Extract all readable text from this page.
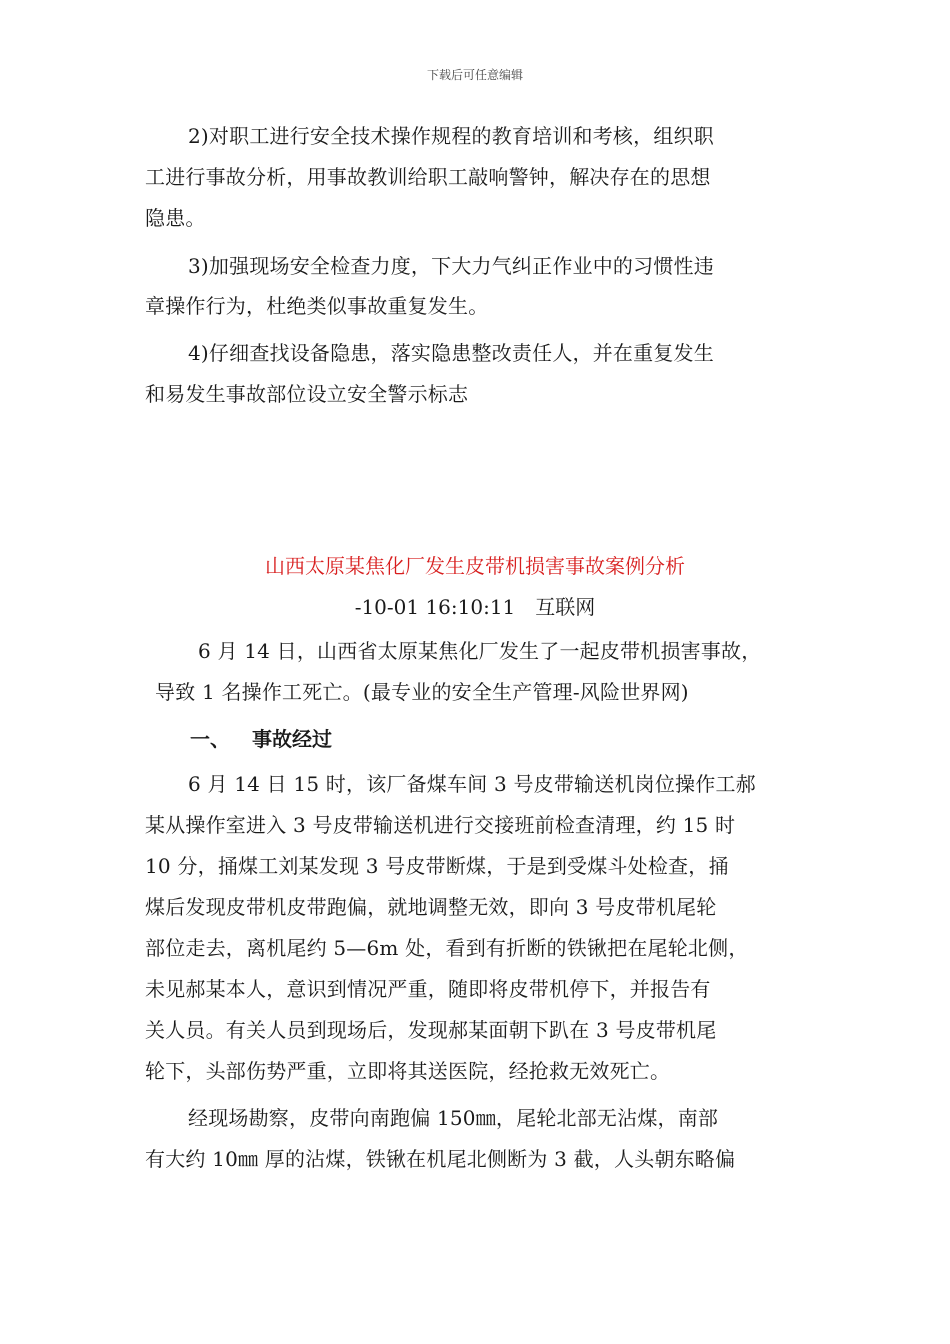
下载后可任意编辑
2)对职工进行安全技术操作规程的教育培训和考核，组织职
工进行事故分析，用事故教训给职工敲响警钟，解决存在的思想
隐患。
3)加强现场安全检查力度，下大力气纠正作业中的习惯性违
章操作行为，杜绝类似事故重复发生。
4)仔细查找设备隐患，落实隐患整改责任人，并在重复发生
和易发生事故部位设立安全警示标志
山西太原某焦化厂发生皮带机损害事故案例分析
-10-01 16:10:11　互联网
6 月 14 日，山西省太原某焦化厂发生了一起皮带机损害事故，
导致 1 名操作工死亡。(最专业的安全生产管理-风险世界网)
一、 事故经过
6 月 14 日 15 时，该厂备煤车间 3 号皮带输送机岗位操作工郝
某从操作室进入 3 号皮带输送机进行交接班前检查清理，约 15 时
10 分，捅煤工刘某发现 3 号皮带断煤，于是到受煤斗处检查，捅
煤后发现皮带机皮带跑偏，就地调整无效，即向 3 号皮带机尾轮
部位走去，离机尾约 5—6m 处，看到有折断的铁锹把在尾轮北侧，
未见郝某本人，意识到情况严重，随即将皮带机停下，并报告有
关人员。有关人员到现场后，发现郝某面朝下趴在 3 号皮带机尾
轮下，头部伤势严重，立即将其送医院，经抢救无效死亡。
经现场勘察，皮带向南跑偏 150㎜，尾轮北部无沾煤，南部
有大约 10㎜ 厚的沾煤，铁锹在机尾北侧断为 3 截，人头朝东略偏
